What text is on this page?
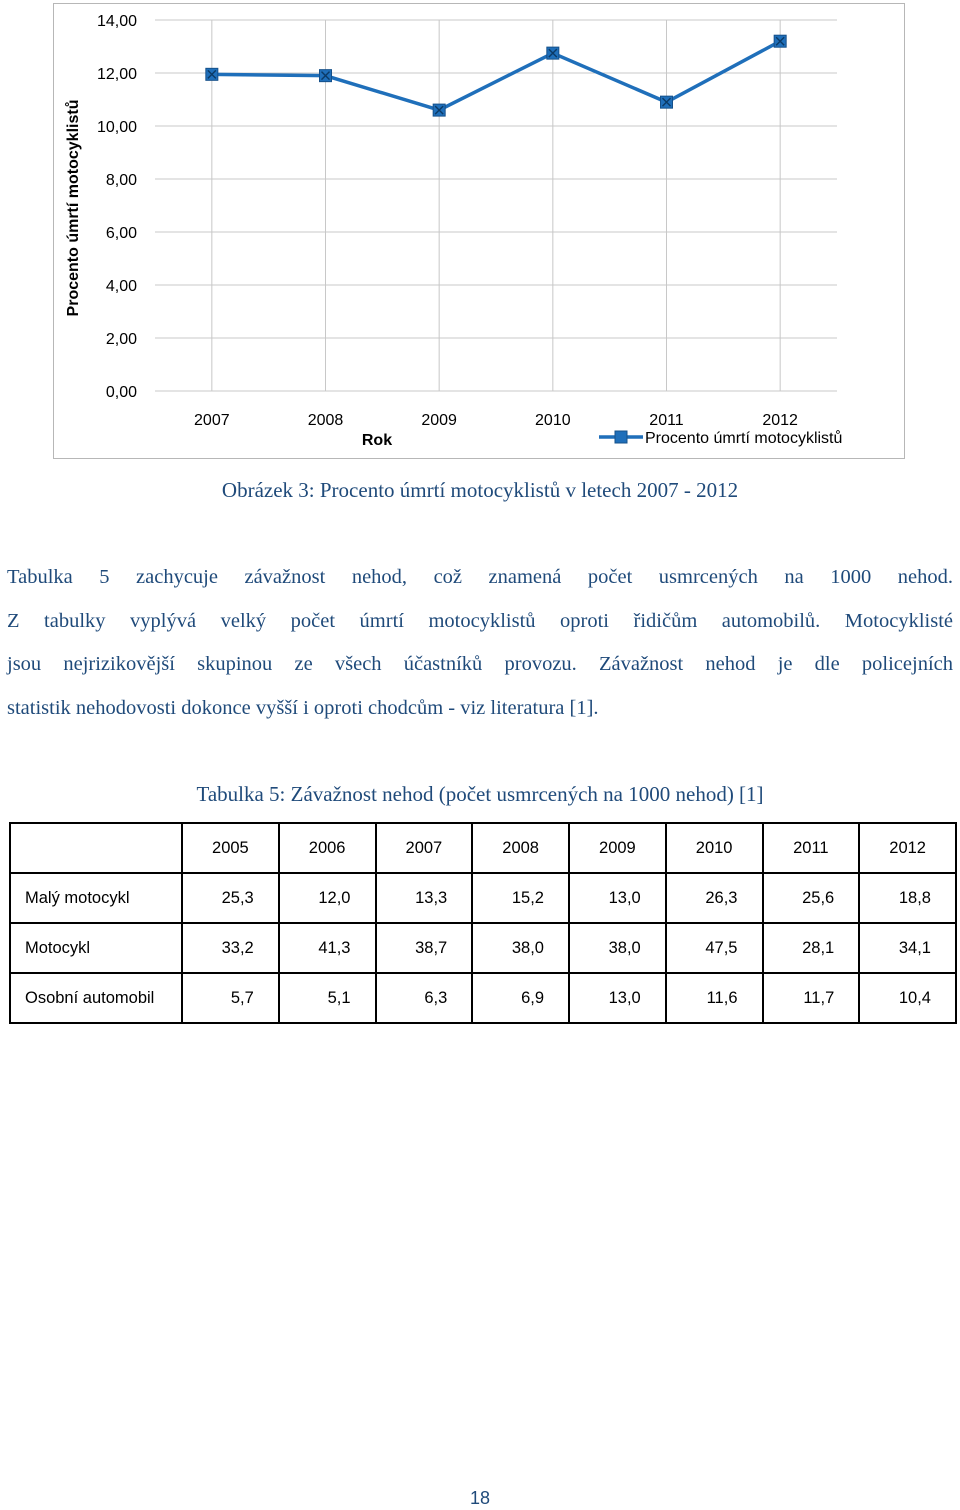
0,00
2,00
4,00
6,00
8,00
10,00
12,00
14,00
2007	2008	2009	2010	2011	2012
Rok
Procento úmrtí motocyklistů
Procento úmrtí motocyklistů
Obrázek 3: Procento úmrtí motocyklistů v letech 2007 - 2012
Tabulka 5 zachycuje závažnost nehod, což znamená počet usmrcených na 1000 nehod.
Z tabulky vyplývá velký počet úmrtí motocyklistů oproti řidičům automobilů. Motocyklisté
jsou nejrizikovější skupinou ze všech účastníků provozu. Závažnost nehod je dle policejních
statistik nehodovosti dokonce vyšší i oproti chodcům - viz literatura [1].
Tabulka 5: Závažnost nehod (počet usmrcených na 1000 nehod) [1]
	2005	2006	2007	2008	2009	2010	2011	2012
Malý motocykl	25,3	12,0	13,3	15,2	13,0	26,3	25,6	18,8
Motocykl	33,2	41,3	38,7	38,0	38,0	47,5	28,1	34,1
Osobní automobil	5,7	5,1	6,3	6,9	13,0	11,6	11,7	10,4
18
